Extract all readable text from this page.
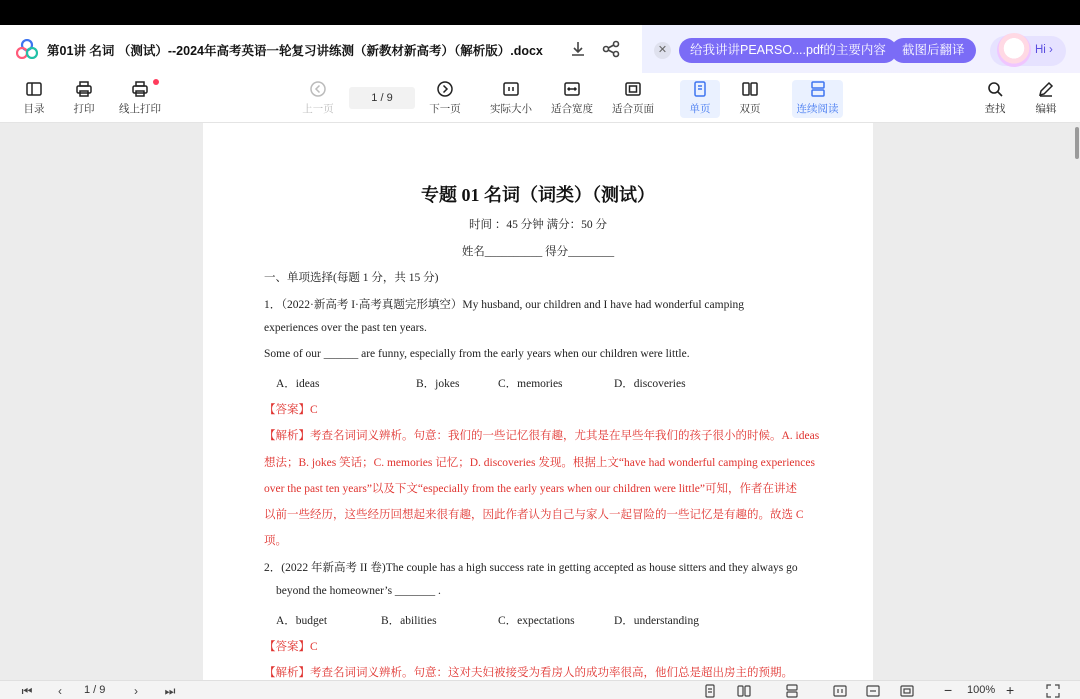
第01讲 名词 （测试）--2024年高考英语一轮复习讲练测（新教材新高考）（解析版）.docx	✕	给我讲讲PEARSO....pdf的主要内容	截图后翻译	Hi ›
目录	打印	线上打印	上一页
1 / 9
下一页	实际大小	适合宽度	适合页面	单页	双页	连续阅读	查找	编辑
专题 01 名词（词类）（测试）
时间 ：45 分钟 满分：50 分
姓名__________ 得分________
一、单项选择(每题 1 分，共 15 分)
1．（2022·新高考 I·高考真题完形填空）My husband, our children and I have had wonderful camping
experiences over the past ten years.
Some of our ______ are funny, especially from the early years when our children were little.
A．ideas	B．jokes	C．memories	D．discoveries
【答案】C
【解析】考查名词词义辨析。句意：我们的一些记忆很有趣，尤其是在早些年我们的孩子很小的时候。A. ideas
想法；B. jokes 笑话；C. memories 记忆；D. discoveries 发现。根据上文“have had wonderful camping experiences
over the past ten years”以及下文“especially from the early years when our children were little”可知，作者在讲述
以前一些经历，这些经历回想起来很有趣，因此作者认为自己与家人一起冒险的一些记忆是有趣的。故选 C
项。
2．(2022 年新高考 II 卷)The couple has a high success rate in getting accepted as house sitters and they always go
beyond the homeowner’s _______ .
A．budget	B．abilities	C．expectations	D．understanding
【答案】C
【解析】考查名词词义辨析。句意：这对夫妇被接受为看房人的成功率很高，他们总是超出房主的预期。
⏮	‹	1 / 9	›	⏭	− 100% +
